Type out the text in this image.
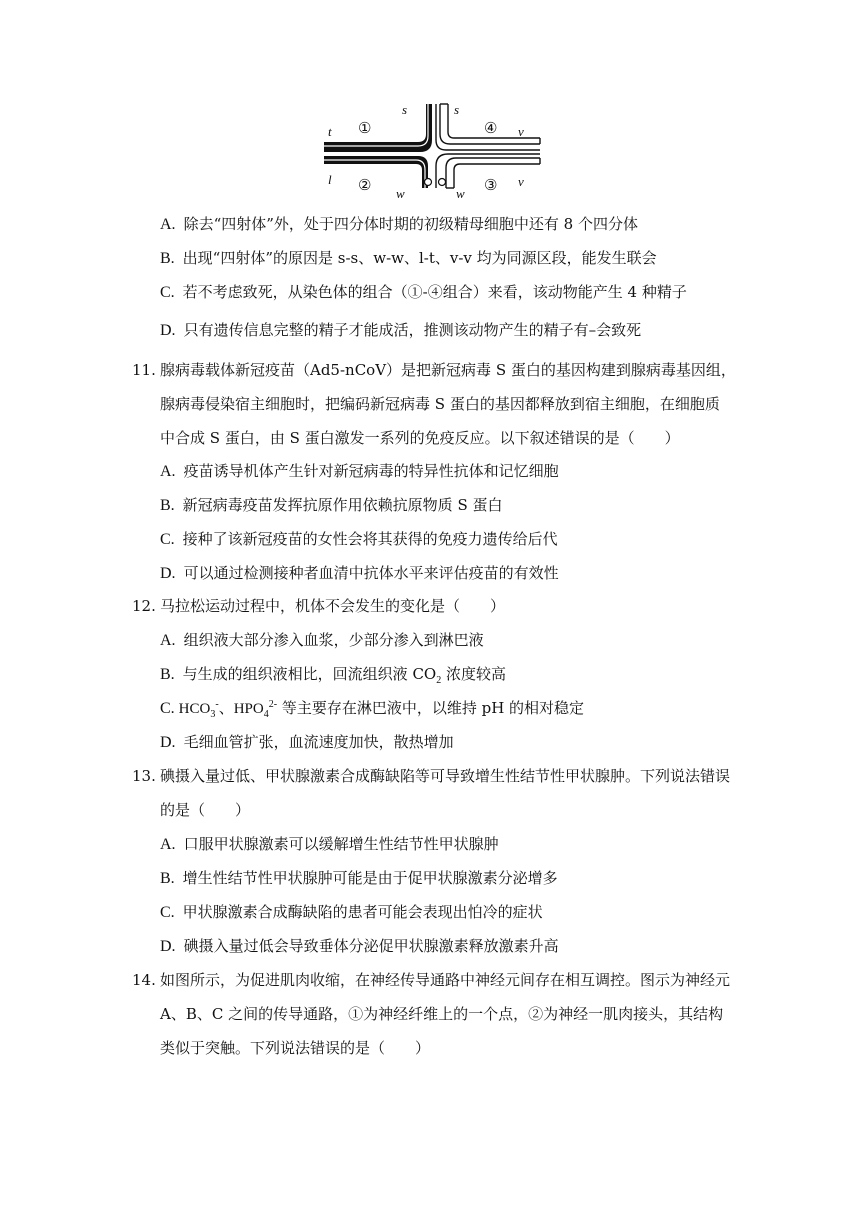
s	s
t
l
v
v
w	w
①
②	③
④
A. 除去“四射体”外，处于四分体时期的初级精母细胞中还有 8 个四分体
B. 出现“四射体”的原因是 s-s、w-w、l-t、v-v 均为同源区段，能发生联会
C. 若不考虑致死，从染色体的组合（①-④组合）来看，该动物能产生 4 种精子
D. 只有遗传信息完整的精子才能成活，推测该动物产生的精子有–会致死
11. 腺病毒载体新冠疫苗（Ad5-nCoV）是把新冠病毒 S 蛋白的基因构建到腺病毒基因组，
腺病毒侵染宿主细胞时，把编码新冠病毒 S 蛋白的基因都释放到宿主细胞，在细胞质
中合成 S 蛋白，由 S 蛋白激发一系列的免疫反应。以下叙述错误的是（　　）
A. 疫苗诱导机体产生针对新冠病毒的特异性抗体和记忆细胞
B. 新冠病毒疫苗发挥抗原作用依赖抗原物质 S 蛋白
C. 接种了该新冠疫苗的女性会将其获得的免疫力遗传给后代
D. 可以通过检测接种者血清中抗体水平来评估疫苗的有效性
12. 马拉松运动过程中，机体不会发生的变化是（　　）
A. 组织液大部分渗入血浆，少部分渗入到淋巴液
B. 与生成的组织液相比，回流组织液 $CO_2$ 浓度较高
C. $HCO_3^-$、$HPO_4^{2-}$ 等主要存在淋巴液中，以维持 pH 的相对稳定
D. 毛细血管扩张，血流速度加快，散热增加
13. 碘摄入量过低、甲状腺激素合成酶缺陷等可导致增生性结节性甲状腺肿。下列说法错误
的是（　　）
A. 口服甲状腺激素可以缓解增生性结节性甲状腺肿
B. 增生性结节性甲状腺肿可能是由于促甲状腺激素分泌增多
C. 甲状腺激素合成酶缺陷的患者可能会表现出怕冷的症状
D. 碘摄入量过低会导致垂体分泌促甲状腺激素释放激素升高
14. 如图所示，为促进肌肉收缩，在神经传导通路中神经元间存在相互调控。图示为神经元
A、B、C 之间的传导通路，①为神经纤维上的一个点，②为神经一肌肉接头，其结构
类似于突触。下列说法错误的是（　　）
